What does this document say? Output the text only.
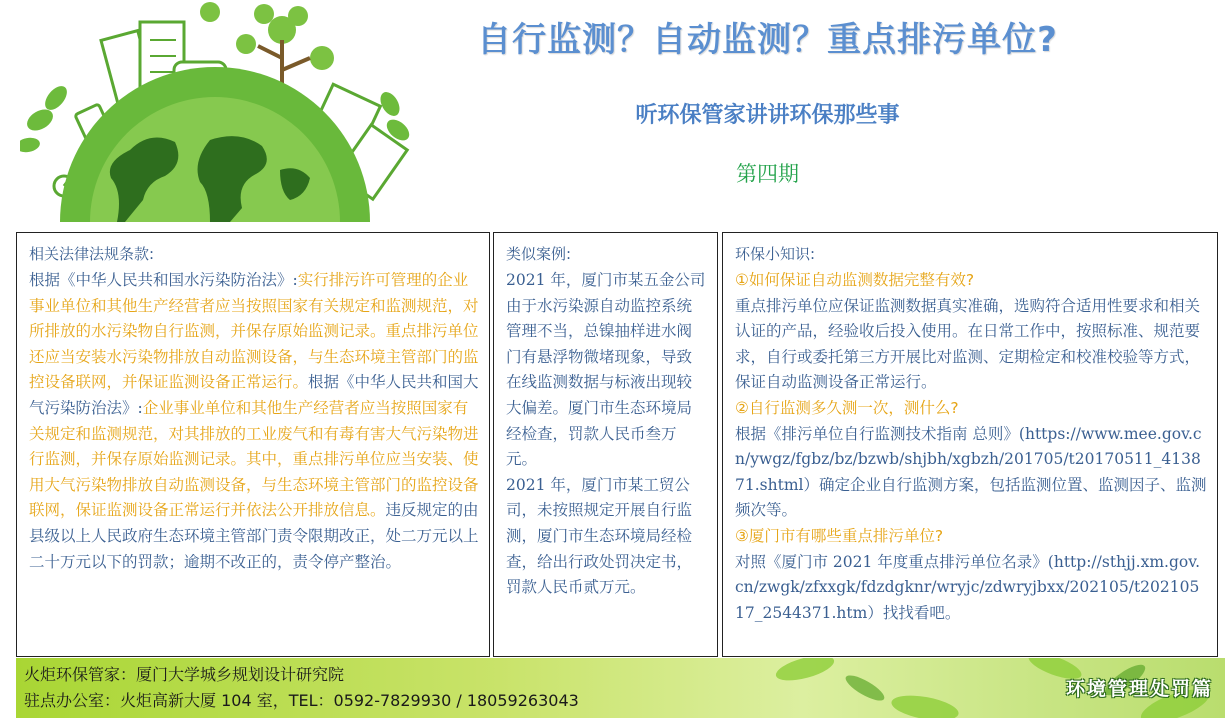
自行监测？自动监测？重点排污单位?
听环保管家讲讲环保那些事
第四期
相关法律法规条款:
根据《中华人民共和国水污染防治法》:实行排污许可管理的企业事业单位和其他生产经营者应当按照国家有关规定和监测规范，对所排放的水污染物自行监测，并保存原始监测记录。重点排污单位还应当安装水污染物排放自动监测设备，与生态环境主管部门的监控设备联网，并保证监测设备正常运行。根据《中华人民共和国大气污染防治法》:企业事业单位和其他生产经营者应当按照国家有关规定和监测规范，对其排放的工业废气和有毒有害大气污染物进行监测，并保存原始监测记录。其中，重点排污单位应当安装、使用大气污染物排放自动监测设备，与生态环境主管部门的监控设备联网，保证监测设备正常运行并依法公开排放信息。违反规定的由县级以上人民政府生态环境主管部门责令限期改正，处二万元以上二十万元以下的罚款；逾期不改正的，责令停产整治。
类似案例:

2021 年，厦门市某五金公司由于水污染源自动监控系统管理不当，总镍抽样进水阀门有悬浮物微堵现象，导致在线监测数据与标液出现较大偏差。厦门市生态环境局经检查，罚款人民币叁万元。

2021 年，厦门市某工贸公司，未按照规定开展自行监测，厦门市生态环境局经检查，给出行政处罚决定书，罚款人民币贰万元。

环保小知识:
①如何保证自动监测数据完整有效?
重点排污单位应保证监测数据真实准确，选购符合适用性要求和相关认证的产品，经验收后投入使用。在日常工作中，按照标准、规范要求，自行或委托第三方开展比对监测、定期检定和校准校验等方式，保证自动监测设备正常运行。
②自行监测多久测一次，测什么?
根据《排污单位自行监测技术指南 总则》(https://www.mee.gov.cn/ywgz/fgbz/bz/bzwb/shjbh/xgbzh/201705/t20170511_413871.shtml）确定企业自行监测方案，包括监测位置、监测因子、监测频次等。
③厦门市有哪些重点排污单位?
对照《厦门市 2021 年度重点排污单位名录》(http://sthjj.xm.gov.cn/zwgk/zfxxgk/fdzdgknr/wryjc/zdwryjbxx/202105/t20210517_2544371.htm）找找看吧。
火炬环保管家：厦门大学城乡规划设计研究院
驻点办公室：火炬高新大厦 104 室，TEL：0592-7829930 / 18059263043
环境管理处罚篇
